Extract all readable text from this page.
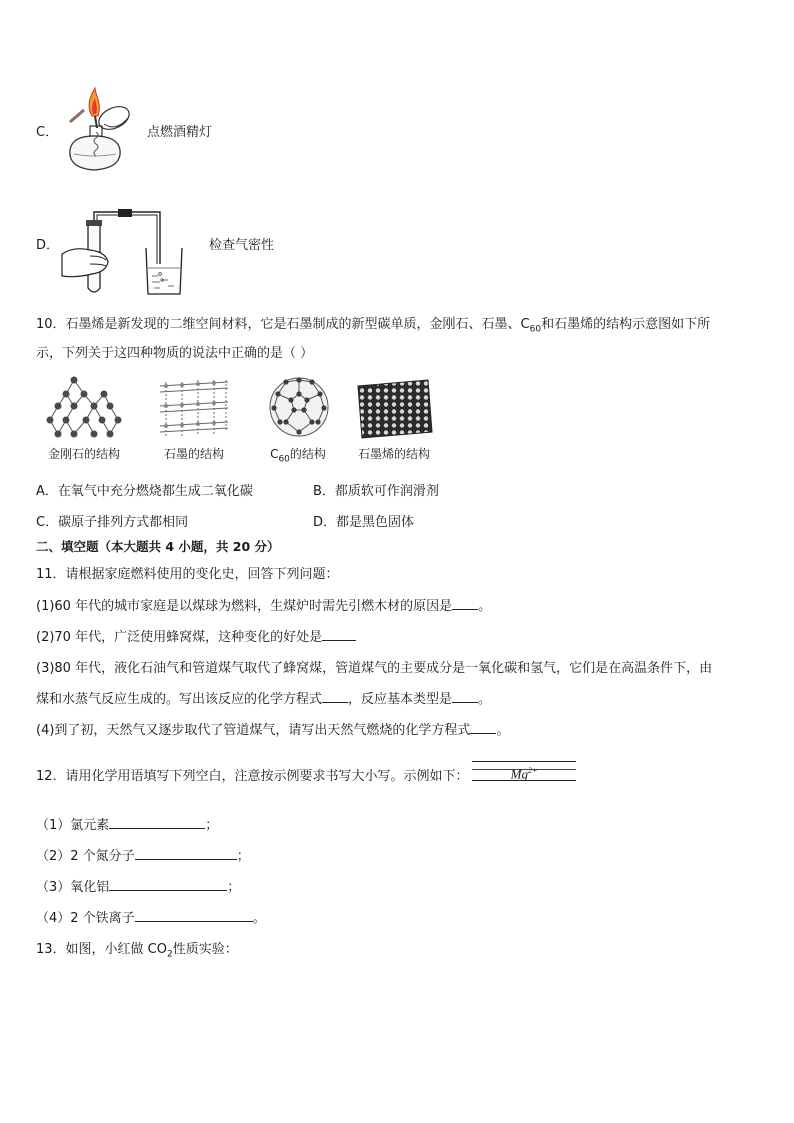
C．	点燃酒精灯
D．	检查气密性
10．石墨烯是新发现的二维空间材料，它是石墨制成的新型碳单质，金刚石、石墨、$C_{60}$和石墨烯的结构示意图如下所
示，下列关于这四种物质的说法中正确的是（ ）
金刚石的结构	石墨的结构	$C_{60}$的结构	石墨烯的结构
A．在氧气中充分燃烧都生成二氧化碳	B．都质软可作润滑剂
C．碳原子排列方式都相同	D．都是黑色固体
二、填空题（本大题共 4 小题，共 20 分）
11．请根据家庭燃料使用的变化史，回答下列问题：
(1)60 年代的城市家庭是以煤球为燃料，生煤炉时需先引燃木材的原因是 。
(2)70 年代，广泛使用蜂窝煤，这种变化的好处是
(3)80 年代，液化石油气和管道煤气取代了蜂窝煤，管道煤气的主要成分是一氧化碳和氢气，它们是在高温条件下，由
煤和水蒸气反应生成的。写出该反应的化学方程式 ，反应基本类型是 。
(4)到了初，天然气又逐步取代了管道煤气，请写出天然气燃烧的化学方程式 。
12．请用化学用语填写下列空白，注意按示例要求书写大小写。示例如下：	$Mg^{2+}$
（1）氯元素	；
（2）2 个氮分子	；
（3）氧化铝	；
（4）2 个铁离子	。
13．如图，小红做 $CO_2$性质实验：
